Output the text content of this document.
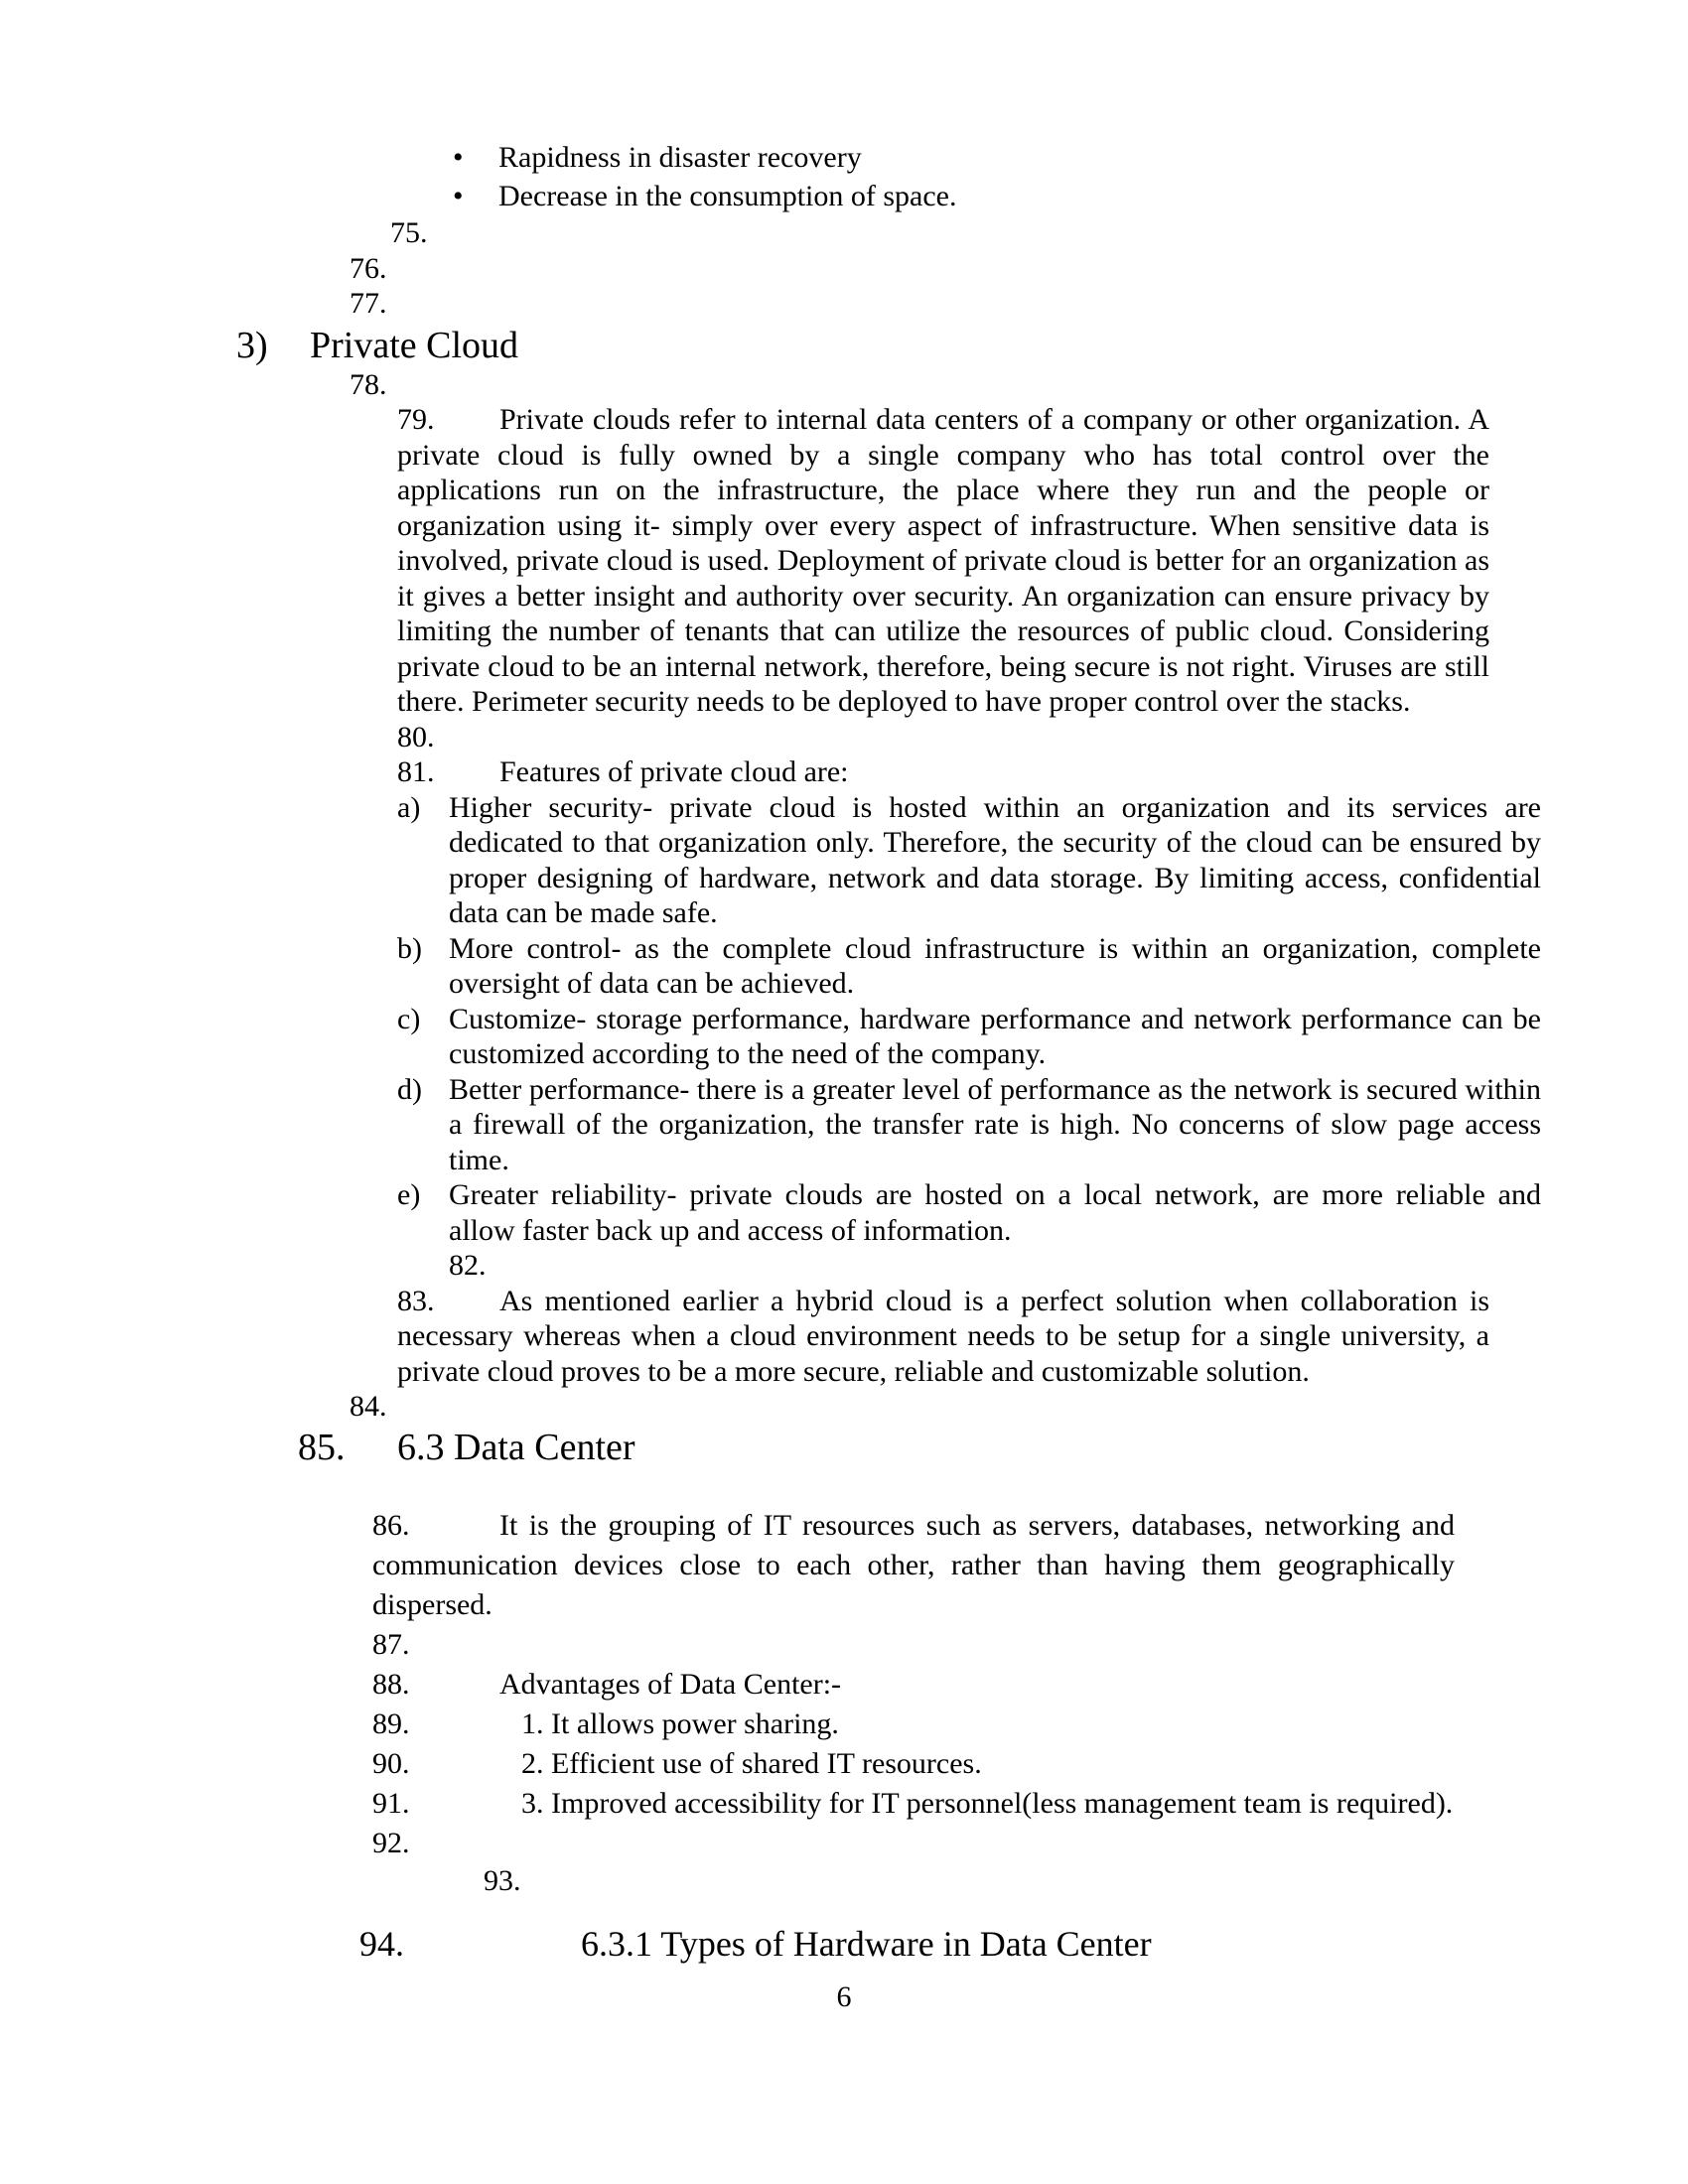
• Rapidness in disaster recovery
• Decrease in the consumption of space.
75.
76.
77.
3) Private Cloud
78.
79. Private clouds refer to internal data centers of a company or other organization. A private cloud is fully owned by a single company who has total control over the applications run on the infrastructure, the place where they run and the people or organization using it- simply over every aspect of infrastructure. When sensitive data is involved, private cloud is used. Deployment of private cloud is better for an organization as it gives a better insight and authority over security. An organization can ensure privacy by limiting the number of tenants that can utilize the resources of public cloud. Considering private cloud to be an internal network, therefore, being secure is not right. Viruses are still there. Perimeter security needs to be deployed to have proper control over the stacks.
80.
81. Features of private cloud are:
a) Higher security- private cloud is hosted within an organization and its services are dedicated to that organization only. Therefore, the security of the cloud can be ensured by proper designing of hardware, network and data storage. By limiting access, confidential data can be made safe.
b) More control- as the complete cloud infrastructure is within an organization, complete oversight of data can be achieved.
c) Customize- storage performance, hardware performance and network performance can be customized according to the need of the company.
d) Better performance- there is a greater level of performance as the network is secured within a firewall of the organization, the transfer rate is high. No concerns of slow page access time.
e) Greater reliability- private clouds are hosted on a local network, are more reliable and allow faster back up and access of information.
82.
83. As mentioned earlier a hybrid cloud is a perfect solution when collaboration is necessary whereas when a cloud environment needs to be setup for a single university, a private cloud proves to be a more secure, reliable and customizable solution.
84.
85. 6.3 Data Center
86.	It is the grouping of IT resources such as servers, databases, networking and communication devices close to each other, rather than having them geographically dispersed.
87.
88.	Advantages of Data Center:-
89.	1. It allows power sharing.
90.	2. Efficient use of shared IT resources.
91.	3. Improved accessibility for IT personnel(less management team is required).
92.
93.
94.	6.3.1 Types of Hardware in Data Center
6
